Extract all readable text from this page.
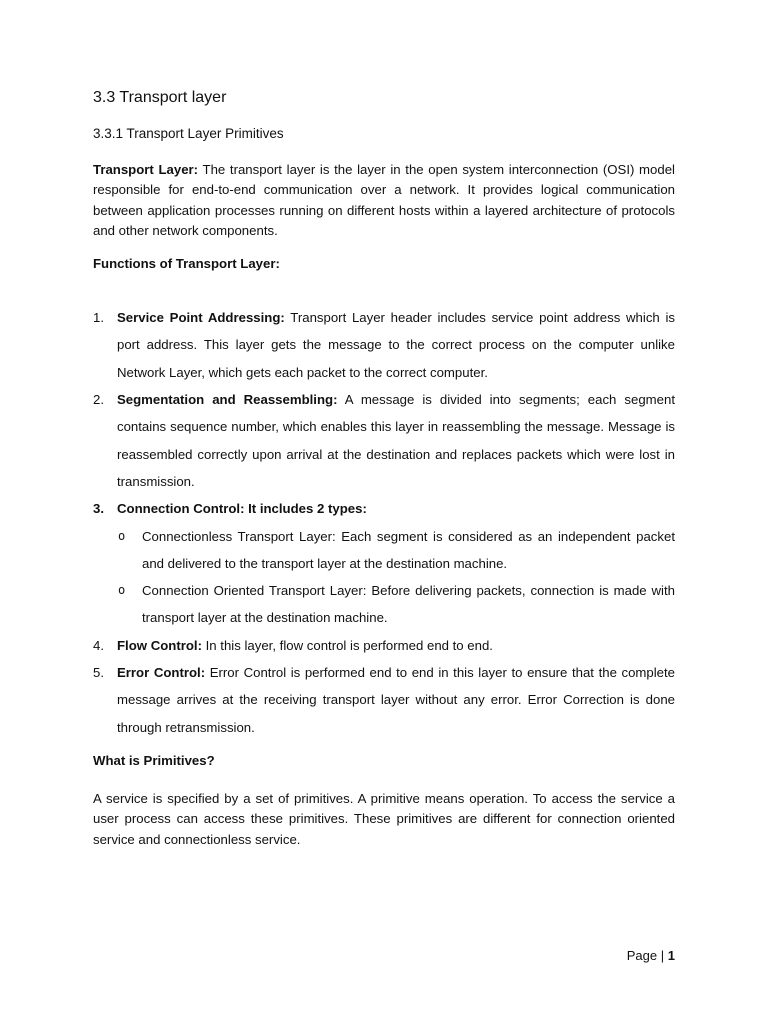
3.3 Transport layer
3.3.1 Transport Layer Primitives

Transport Layer: The transport layer is the layer in the open system interconnection (OSI) model responsible for end-to-end communication over a network. It provides logical communication between application processes running on different hosts within a layered architecture of protocols and other network components.

Functions of Transport Layer:
1. Service Point Addressing: Transport Layer header includes service point address which is port address. This layer gets the message to the correct process on the computer unlike Network Layer, which gets each packet to the correct computer.
2. Segmentation and Reassembling: A message is divided into segments; each segment contains sequence number, which enables this layer in reassembling the message. Message is reassembled correctly upon arrival at the destination and replaces packets which were lost in transmission.
3. Connection Control: It includes 2 types:
o Connectionless Transport Layer: Each segment is considered as an independent packet and delivered to the transport layer at the destination machine.
o Connection Oriented Transport Layer: Before delivering packets, connection is made with transport layer at the destination machine.
4. Flow Control: In this layer, flow control is performed end to end.
5. Error Control: Error Control is performed end to end in this layer to ensure that the complete message arrives at the receiving transport layer without any error. Error Correction is done through retransmission.
What is Primitives?

A service is specified by a set of primitives. A primitive means operation. To access the service a user process can access these primitives. These primitives are different for connection oriented service and connectionless service.

Page | 1
